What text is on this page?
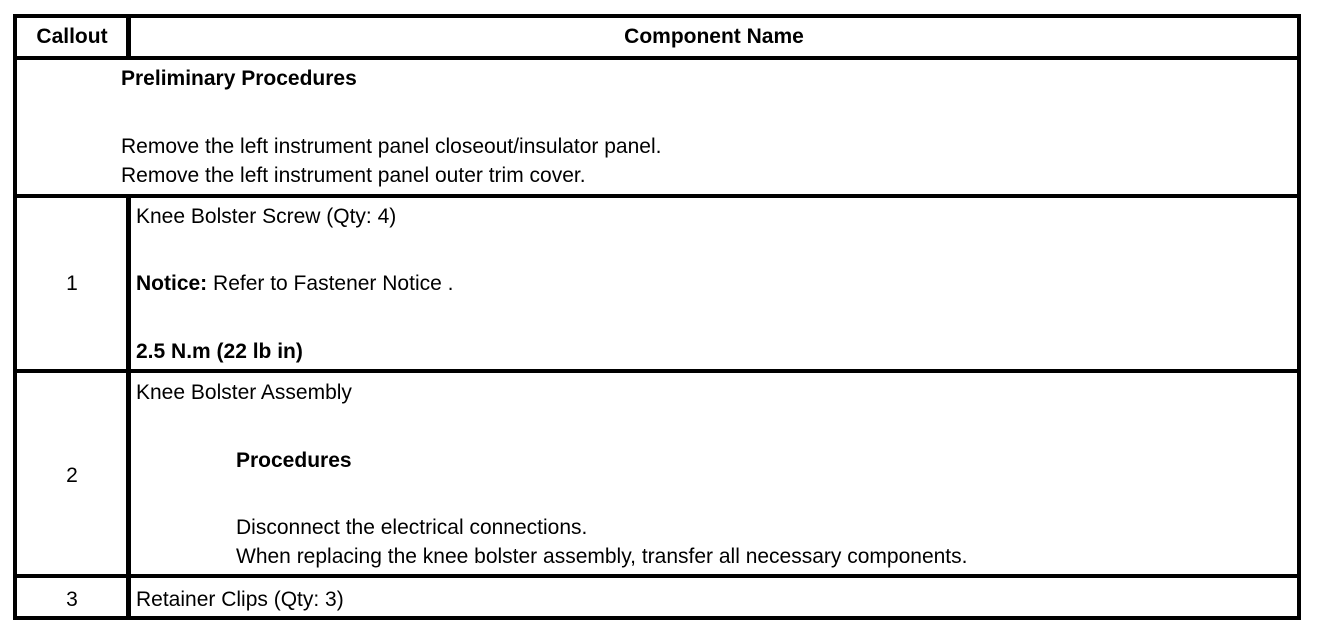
Callout	Component Name
Preliminary Procedures
Remove the left instrument panel closeout/insulator panel.
Remove the left instrument panel outer trim cover.
1
Knee Bolster Screw (Qty: 4)
Notice: Refer to Fastener Notice .
2.5 N.m (22 lb in)
2
Knee Bolster Assembly
Procedures
Disconnect the electrical connections.
When replacing the knee bolster assembly, transfer all necessary components.
3	Retainer Clips (Qty: 3)
